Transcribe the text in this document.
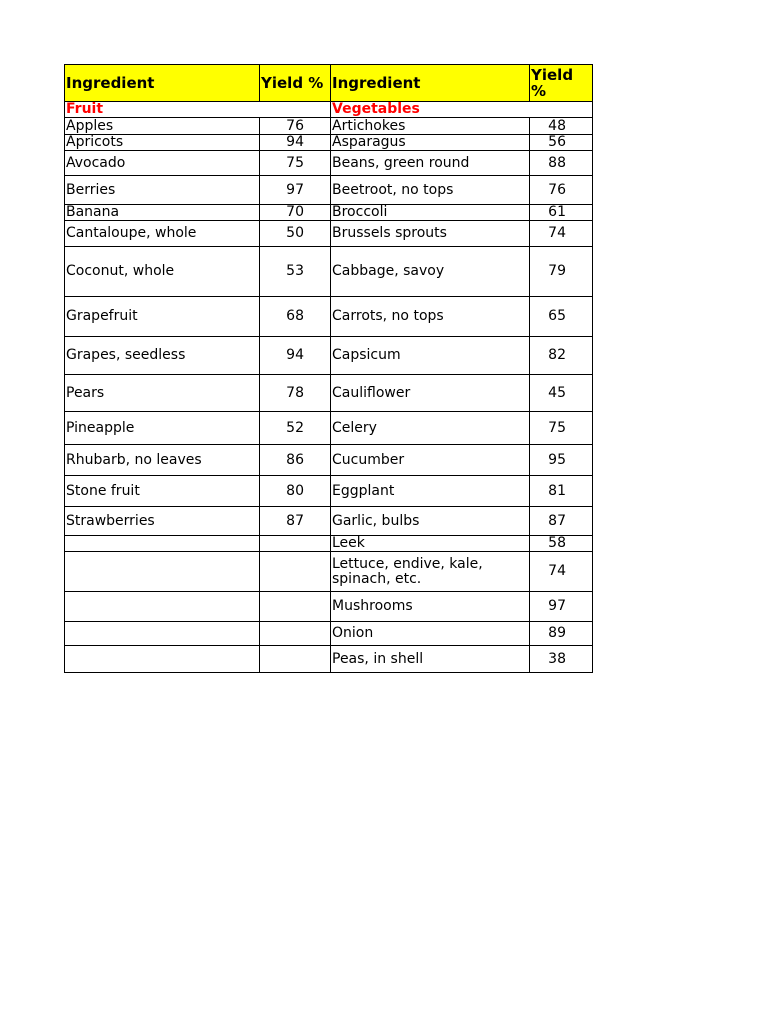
Ingredient	Yield %	Ingredient	Yield %
Fruit		Vegetables	
Apples	76	Artichokes	48
Apricots	94	Asparagus	56
Avocado	75	Beans, green round	88
Berries	97	Beetroot, no tops	76
Banana	70	Broccoli	61
Cantaloupe, whole	50	Brussels sprouts	74
Coconut, whole	53	Cabbage, savoy	79
Grapefruit	68	Carrots, no tops	65
Grapes, seedless	94	Capsicum	82
Pears	78	Cauliflower	45
Pineapple	52	Celery	75
Rhubarb, no leaves	86	Cucumber	95
Stone fruit	80	Eggplant	81
Strawberries	87	Garlic, bulbs	87
		Leek	58
		Lettuce, endive, kale, spinach, etc.	74
		Mushrooms	97
		Onion	89
		Peas, in shell	38
